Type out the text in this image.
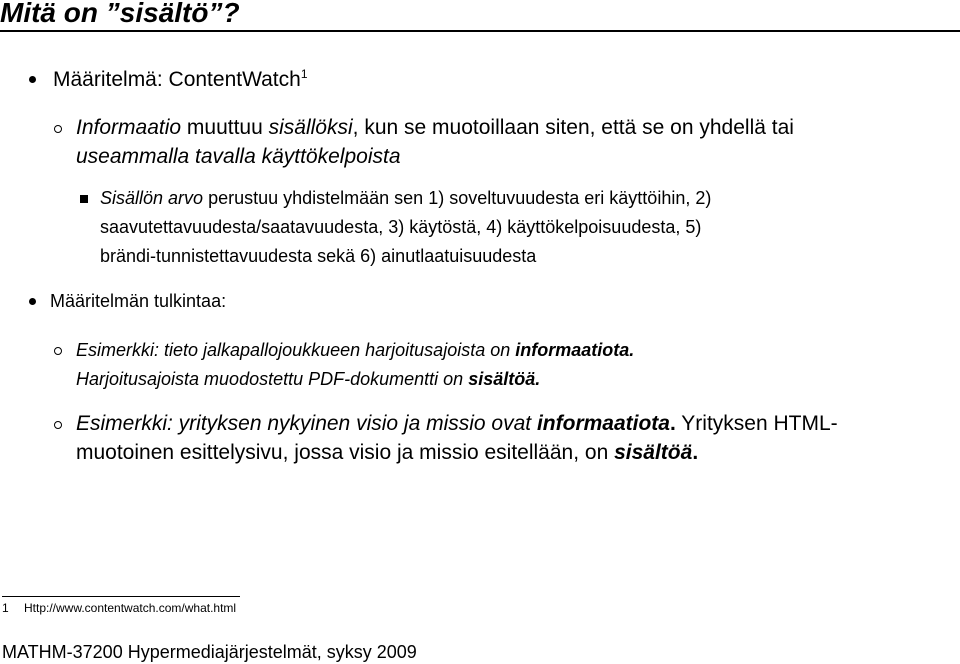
Mitä on ”sisältö”?
Määritelmä: ContentWatch$^1$
Informaatio muuttuu sisällöksi, kun se muotoillaan siten, että se on yhdellä tai
useammalla tavalla käyttökelpoista
Sisällön arvo perustuu yhdistelmään sen 1) soveltuvuudesta eri käyttöihin, 2)
saavutettavuudesta/saatavuudesta, 3) käytöstä, 4) käyttökelpoisuudesta, 5)
brändi-tunnistettavuudesta sekä 6) ainutlaatuisuudesta
Määritelmän tulkintaa:
Esimerkki: tieto jalkapallojoukkueen harjoitusajoista on informaatiota.
Harjoitusajoista muodostettu PDF-dokumentti on sisältöä.
Esimerkki: yrityksen nykyinen visio ja missio ovat informaatiota. Yrityksen HTML-
muotoinen esittelysivu, jossa visio ja missio esitellään, on sisältöä.
1 Http://www.contentwatch.com/what.html
MATHM-37200 Hypermediajärjestelmät, syksy 2009
